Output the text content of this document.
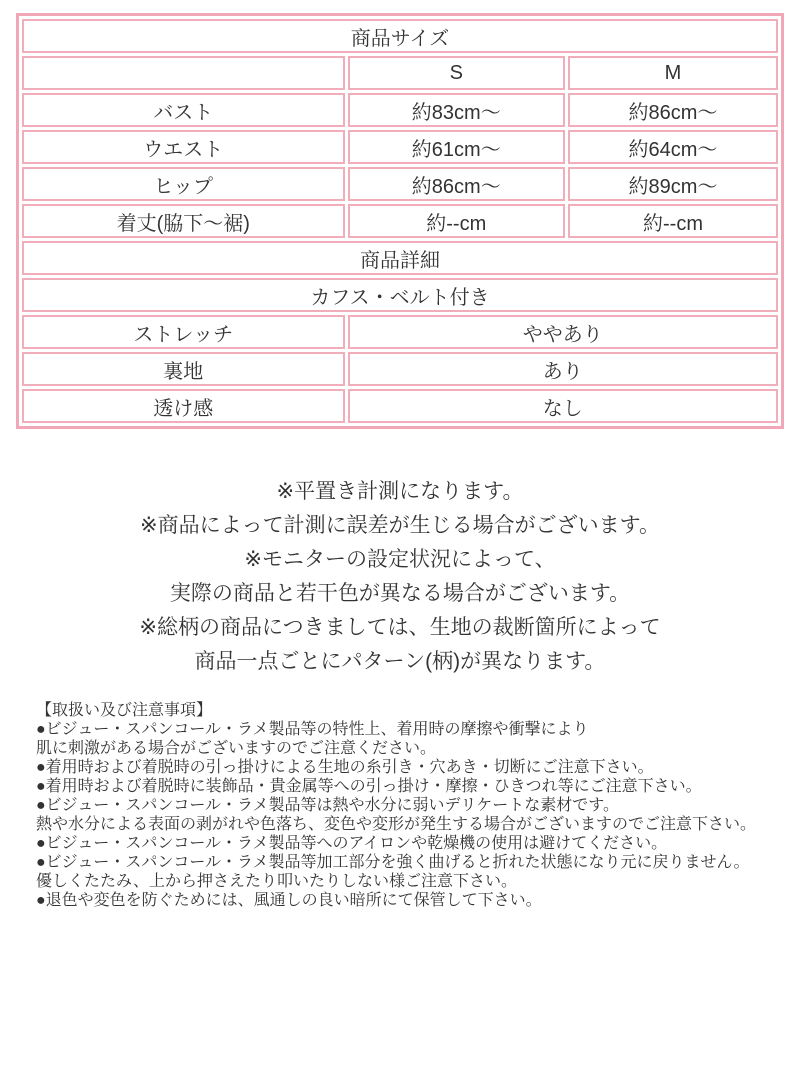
商品サイズ		
	S	M
バスト	約83cm〜	約86cm〜
ウエスト	約61cm〜	約64cm〜
ヒップ	約86cm〜	約89cm〜
着丈(脇下〜裾)	約--cm	約--cm
商品詳細		
カフス・ベルト付き		
ストレッチ	ややあり	
裏地	あり	
透け感	なし	
※平置き計測になります。
※商品によって計測に誤差が生じる場合がございます。
※モニターの設定状況によって、
実際の商品と若干色が異なる場合がございます。
※総柄の商品につきましては、生地の裁断箇所によって
商品一点ごとにパターン(柄)が異なります。
【取扱い及び注意事項】
●ビジュー・スパンコール・ラメ製品等の特性上、着用時の摩擦や衝撃により
肌に刺激がある場合がございますのでご注意ください。
●着用時および着脱時の引っ掛けによる生地の糸引き・穴あき・切断にご注意下さい。
●着用時および着脱時に装飾品・貴金属等への引っ掛け・摩擦・ひきつれ等にご注意下さい。
●ビジュー・スパンコール・ラメ製品等は熱や水分に弱いデリケートな素材です。
熱や水分による表面の剥がれや色落ち、変色や変形が発生する場合がございますのでご注意下さい。
●ビジュー・スパンコール・ラメ製品等へのアイロンや乾燥機の使用は避けてください。
●ビジュー・スパンコール・ラメ製品等加工部分を強く曲げると折れた状態になり元に戻りません。
優しくたたみ、上から押さえたり叩いたりしない様ご注意下さい。
●退色や変色を防ぐためには、風通しの良い暗所にて保管して下さい。
